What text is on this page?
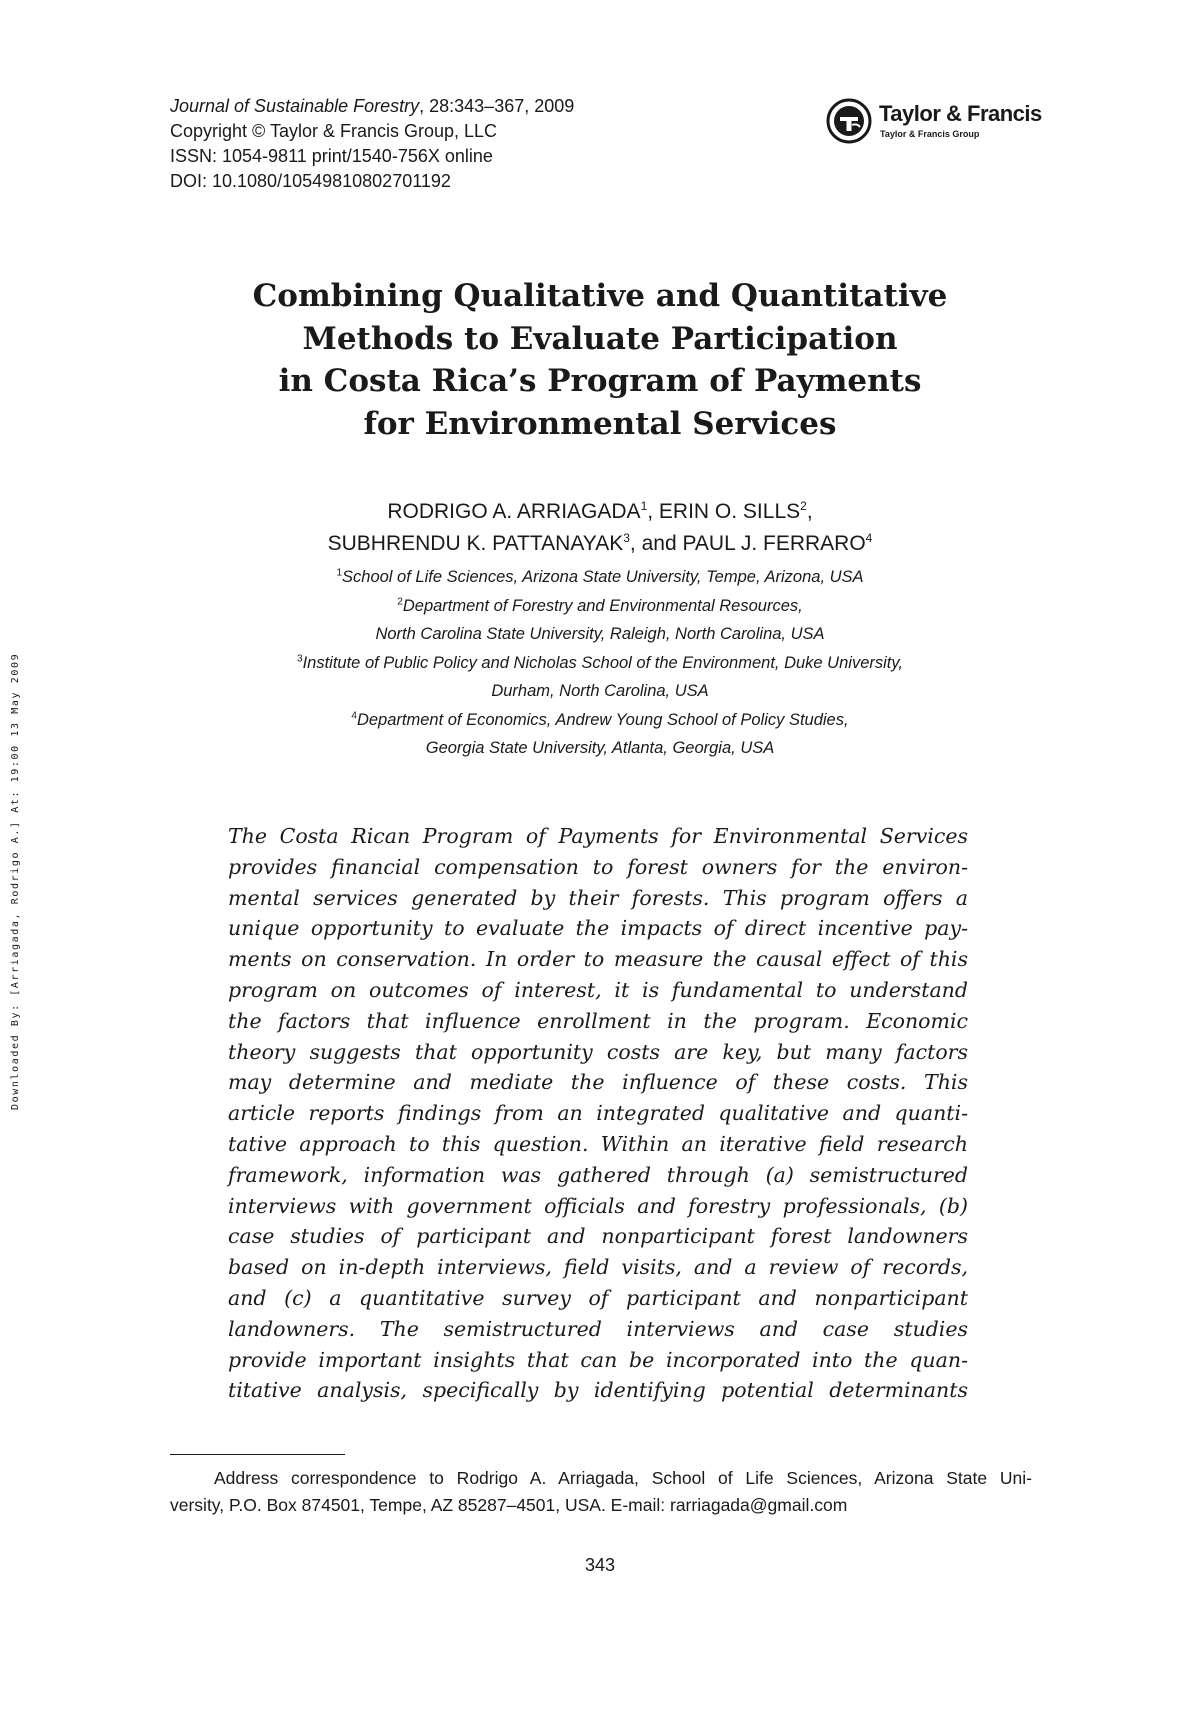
Journal of Sustainable Forestry, 28:343–367, 2009
Copyright © Taylor & Francis Group, LLC
ISSN: 1054-9811 print/1540-756X online
DOI: 10.1080/10549810802701192
Taylor & Francis
Taylor & Francis Group
Combining Qualitative and Quantitative
Methods to Evaluate Participation
in Costa Rica’s Program of Payments
for Environmental Services
RODRIGO A. ARRIAGADA$^1$, ERIN O. SILLS$^2$,
SUBHRENDU K. PATTANAYAK$^3$, and PAUL J. FERRARO$^4$
$^1$School of Life Sciences, Arizona State University, Tempe, Arizona, USA
$^2$Department of Forestry and Environmental Resources,
North Carolina State University, Raleigh, North Carolina, USA
$^3$Institute of Public Policy and Nicholas School of the Environment, Duke University,
Durham, North Carolina, USA
$^4$Department of Economics, Andrew Young School of Policy Studies,
Georgia State University, Atlanta, Georgia, USA
The Costa Rican Program of Payments for Environmental Services
provides financial compensation to forest owners for the environ-
mental services generated by their forests. This program offers a
unique opportunity to evaluate the impacts of direct incentive pay-
ments on conservation. In order to measure the causal effect of this
program on outcomes of interest, it is fundamental to understand
the factors that influence enrollment in the program. Economic
theory suggests that opportunity costs are key, but many factors
may determine and mediate the influence of these costs. This
article reports findings from an integrated qualitative and quanti-
tative approach to this question. Within an iterative field research
framework, information was gathered through (a) semistructured
interviews with government officials and forestry professionals, (b)
case studies of participant and nonparticipant forest landowners
based on in-depth interviews, field visits, and a review of records,
and (c) a quantitative survey of participant and nonparticipant
landowners. The semistructured interviews and case studies
provide important insights that can be incorporated into the quan-
titative analysis, specifically by identifying potential determinants
Address correspondence to Rodrigo A. Arriagada, School of Life Sciences, Arizona State Uni-
versity, P.O. Box 874501, Tempe, AZ 85287–4501, USA. E-mail: rarriagada@gmail.com
343
Downloaded By: [Arriagada, Rodrigo A.] At: 19:00 13 May 2009
